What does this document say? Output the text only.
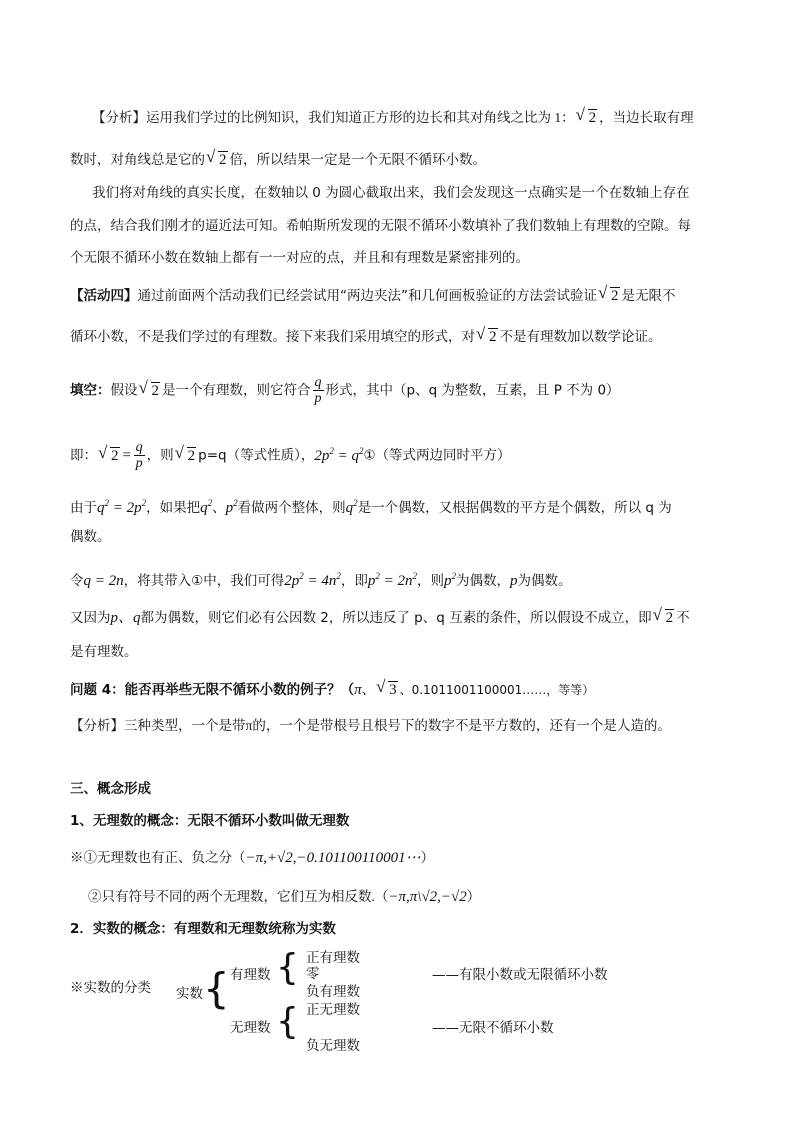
【分析】运用我们学过的比例知识，我们知道正方形的边长和其对角线之比为 1： √ 2 ，当边长取有理
数时，对角线总是它的 √ 2 倍，所以结果一定是一个无限不循环小数。
我们将对角线的真实长度，在数轴以 0 为圆心截取出来，我们会发现这一点确实是一个在数轴上存在
的点，结合我们刚才的逼近法可知。希帕斯所发现的无限不循环小数填补了我们数轴上有理数的空隙。每
个无限不循环小数在数轴上都有一一对应的点，并且和有理数是紧密排列的。
【活动四】通过前面两个活动我们已经尝试用“两边夹法”和几何画板验证的方法尝试验证 √ 2 是无限不
循环小数，不是我们学过的有理数。接下来我们采用填空的形式，对 √ 2 不是有理数加以数学论证。
填空：假设 √ 2 是一个有理数，则它符合 $\frac{q}{p}$ 形式，其中（p、q 为整数，互素，且 P 不为 0）
即： √ $2 = \frac{q}{p}$ ，则 √ 2 p=q（等式性质），$2p^2$ = $q^2①$（等式两边同时平方）
由于$q^2 = 2p^2$，如果把$q^2$、$p^2$看做两个整体，则$q^2$是一个偶数，又根据偶数的平方是个偶数，所以 q 为
偶数。
令q = 2n，将其带入①中，我们可得$2p^2 = 4n^2$，即$p^2 = 2n^2$，则$p^2$为偶数，p为偶数。
又因为p、q都为偶数，则它们必有公因数 2，所以违反了 p、q 互素的条件，所以假设不成立，即 √ 2 不
是有理数。
问题 4：能否再举些无限不循环小数的例子？（π、 √ 3 、0.1011001100001……，等等）
【分析】三种类型，一个是带π的，一个是带根号且根号下的数字不是平方数的，还有一个是人造的。
三、概念形成
1、无理数的概念：无限不循环小数叫做无理数
※①无理数也有正、负之分（−π,+√2,−0.101100110001⋯）
②只有符号不同的两个无理数，它们互为相反数.（−π,π\√2,−√2）
2．实数的概念：有理数和无理数统称为实数
※实数的分类 实数 { 有理数 { 正有理数
零
负有理数
——有限小数或无限循环小数
无理数 { 正无理数
负无理数
——无限不循环小数
